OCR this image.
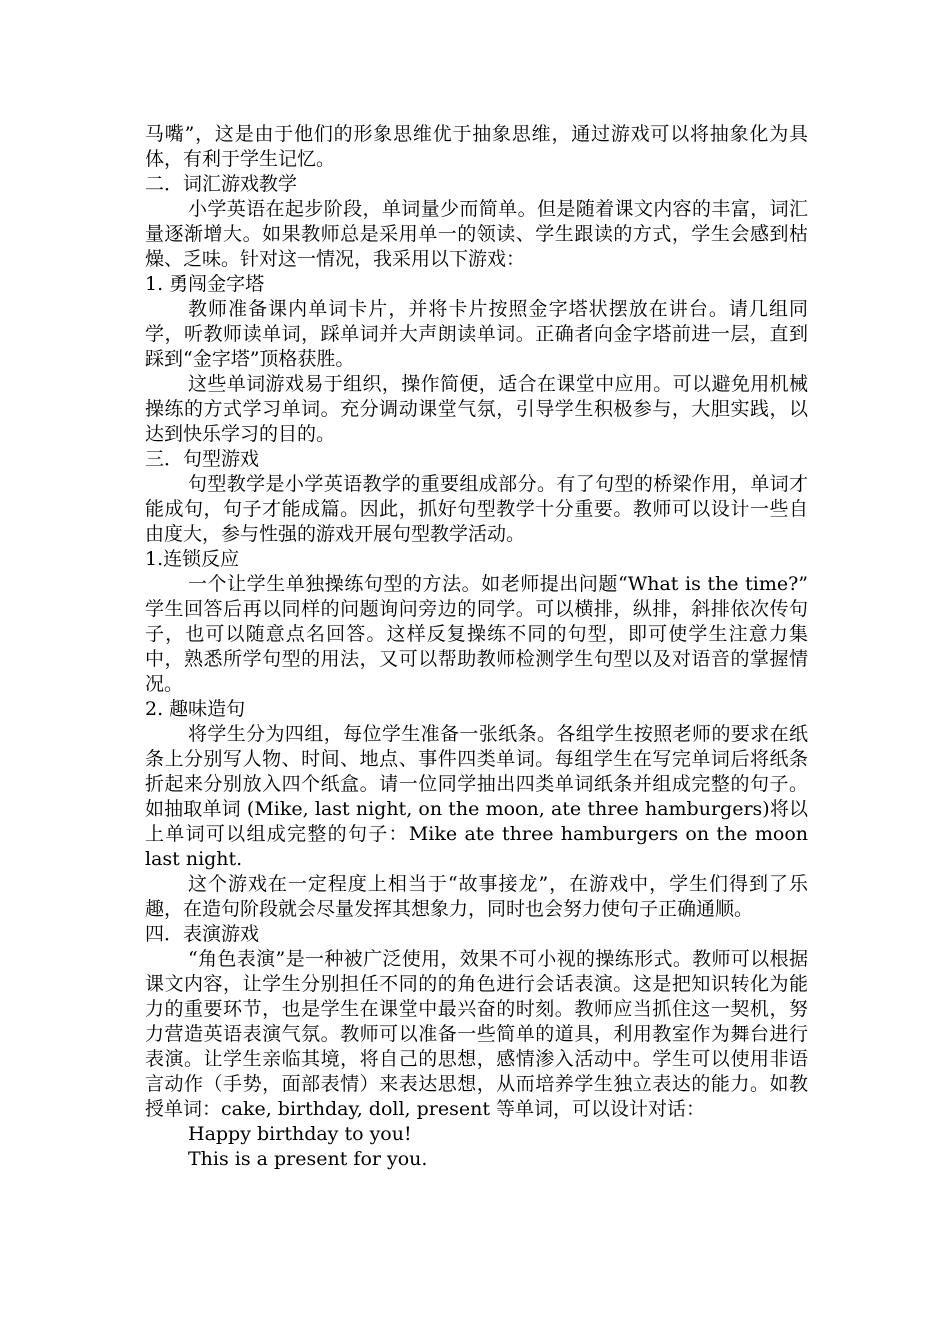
马嘴”，这是由于他们的形象思维优于抽象思维，通过游戏可以将抽象化为具体，有利于学生记忆。

二．词汇游戏教学

小学英语在起步阶段，单词量少而简单。但是随着课文内容的丰富，词汇量逐渐增大。如果教师总是采用单一的领读、学生跟读的方式，学生会感到枯燥、乏味。针对这一情况，我采用以下游戏：

1. 勇闯金字塔

教师准备课内单词卡片，并将卡片按照金字塔状摆放在讲台。请几组同学，听教师读单词，踩单词并大声朗读单词。正确者向金字塔前进一层，直到踩到“金字塔”顶格获胜。

这些单词游戏易于组织，操作简便，适合在课堂中应用。可以避免用机械操练的方式学习单词。充分调动课堂气氛，引导学生积极参与，大胆实践，以达到快乐学习的目的。

三．句型游戏

句型教学是小学英语教学的重要组成部分。有了句型的桥梁作用，单词才能成句，句子才能成篇。因此，抓好句型教学十分重要。教师可以设计一些自由度大，参与性强的游戏开展句型教学活动。

1.连锁反应

一个让学生单独操练句型的方法。如老师提出问题“What is the time?” 学生回答后再以同样的问题询问旁边的同学。可以横排，纵排，斜排依次传句子，也可以随意点名回答。这样反复操练不同的句型，即可使学生注意力集中，熟悉所学句型的用法，又可以帮助教师检测学生句型以及对语音的掌握情况。

2. 趣味造句

将学生分为四组，每位学生准备一张纸条。各组学生按照老师的要求在纸条上分别写人物、时间、地点、事件四类单词。每组学生在写完单词后将纸条折起来分别放入四个纸盒。请一位同学抽出四类单词纸条并组成完整的句子。如抽取单词 (Mike, last night, on the moon, ate three hamburgers)将以上单词可以组成完整的句子：Mike ate three hamburgers on the moon last night.

这个游戏在一定程度上相当于“故事接龙”，在游戏中，学生们得到了乐趣，在造句阶段就会尽量发挥其想象力，同时也会努力使句子正确通顺。

四．表演游戏

“角色表演”是一种被广泛使用，效果不可小视的操练形式。教师可以根据课文内容，让学生分别担任不同的的角色进行会话表演。这是把知识转化为能力的重要环节，也是学生在课堂中最兴奋的时刻。教师应当抓住这一契机，努力营造英语表演气氛。教师可以准备一些简单的道具，利用教室作为舞台进行表演。让学生亲临其境，将自己的思想，感情渗入活动中。学生可以使用非语言动作（手势，面部表情）来表达思想，从而培养学生独立表达的能力。如教授单词：cake, birthday, doll, present 等单词，可以设计对话：

Happy birthday to you!

This is a present for you.
